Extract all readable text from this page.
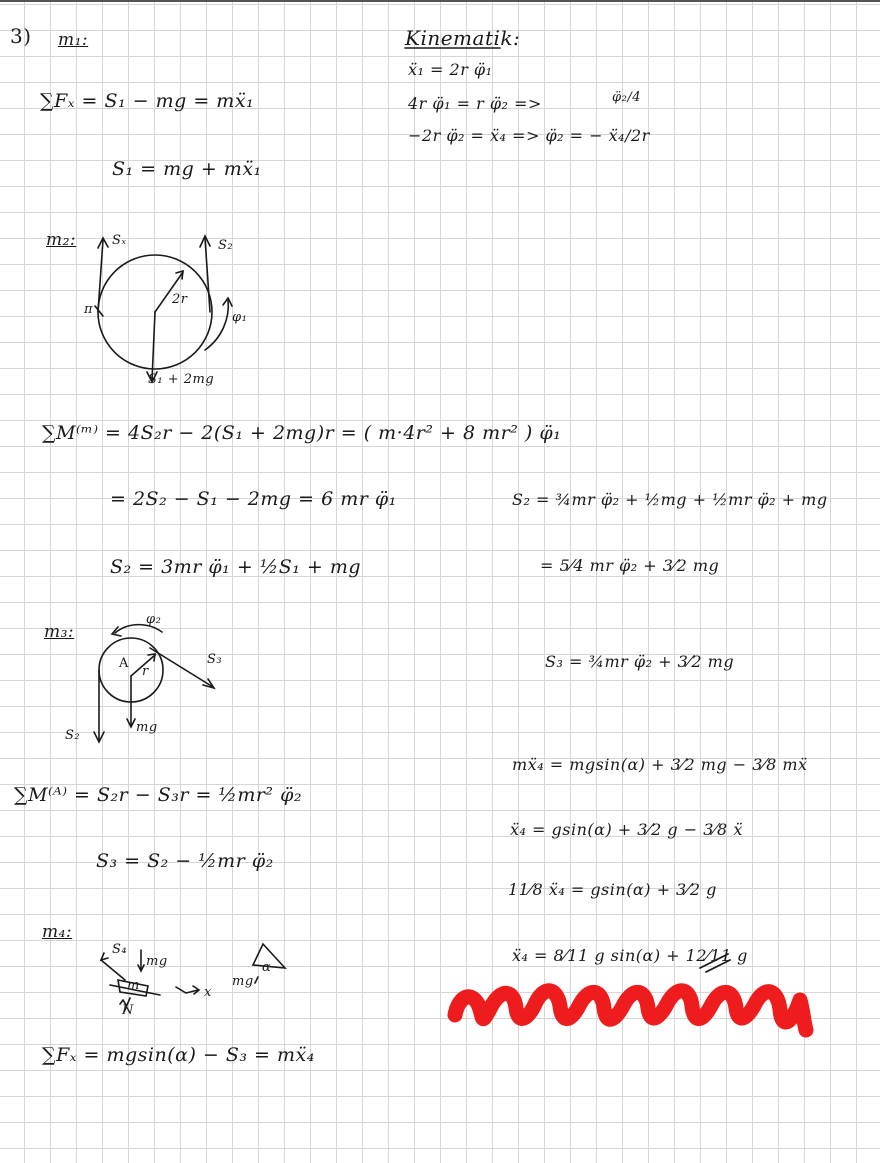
3) m₁:
∑Fₓ = S₁ − mg = mẍ₁
S₁ = mg + mẍ₁
Kinematik:
ẍ₁ = 2r φ̈₁
4r φ̈₁ = r φ̈₂ =>	φ̈₂/4
−2r φ̈₂ = ẍ₄ => φ̈₂ = − ẍ₄/2r
m₂:	Sₓ	S₂
2r
φ₁
π
S₁ + 2mg
∑M⁽ᵐ⁾ = 4S₂r − 2(S₁ + 2mg)r = ( m·4r² + 8 mr² ) φ̈₁
= 2S₂ − S₁ − 2mg = 6 mr φ̈₁
S₂ = 3mr φ̈₁ + ½S₁ + mg
S₂ = ¾mr φ̈₂ + ½mg + ½mr φ̈₂ + mg
= 5⁄4 mr φ̈₂ + 3⁄2 mg
m₃:
φ₂
S₃
A
r
S₂
mg
S₃ = ¾mr φ̈₂ + 3⁄2 mg
∑M⁽ᴬ⁾ = S₂r − S₃r = ½mr² φ̈₂
S₃ = S₂ − ½mr φ̈₂
m₄:
S₄
mg
m
N
x
mg
α
∑Fₓ = mgsin(α) − S₃ = mẍ₄
mẍ₄ = mgsin(α) + 3⁄2 mg − 3⁄8 mẍ
ẍ₄ = gsin(α) + 3⁄2 g − 3⁄8 ẍ
11⁄8 ẍ₄ = gsin(α) + 3⁄2 g
ẍ₄ = 8⁄11 g sin(α) + 12⁄11 g
